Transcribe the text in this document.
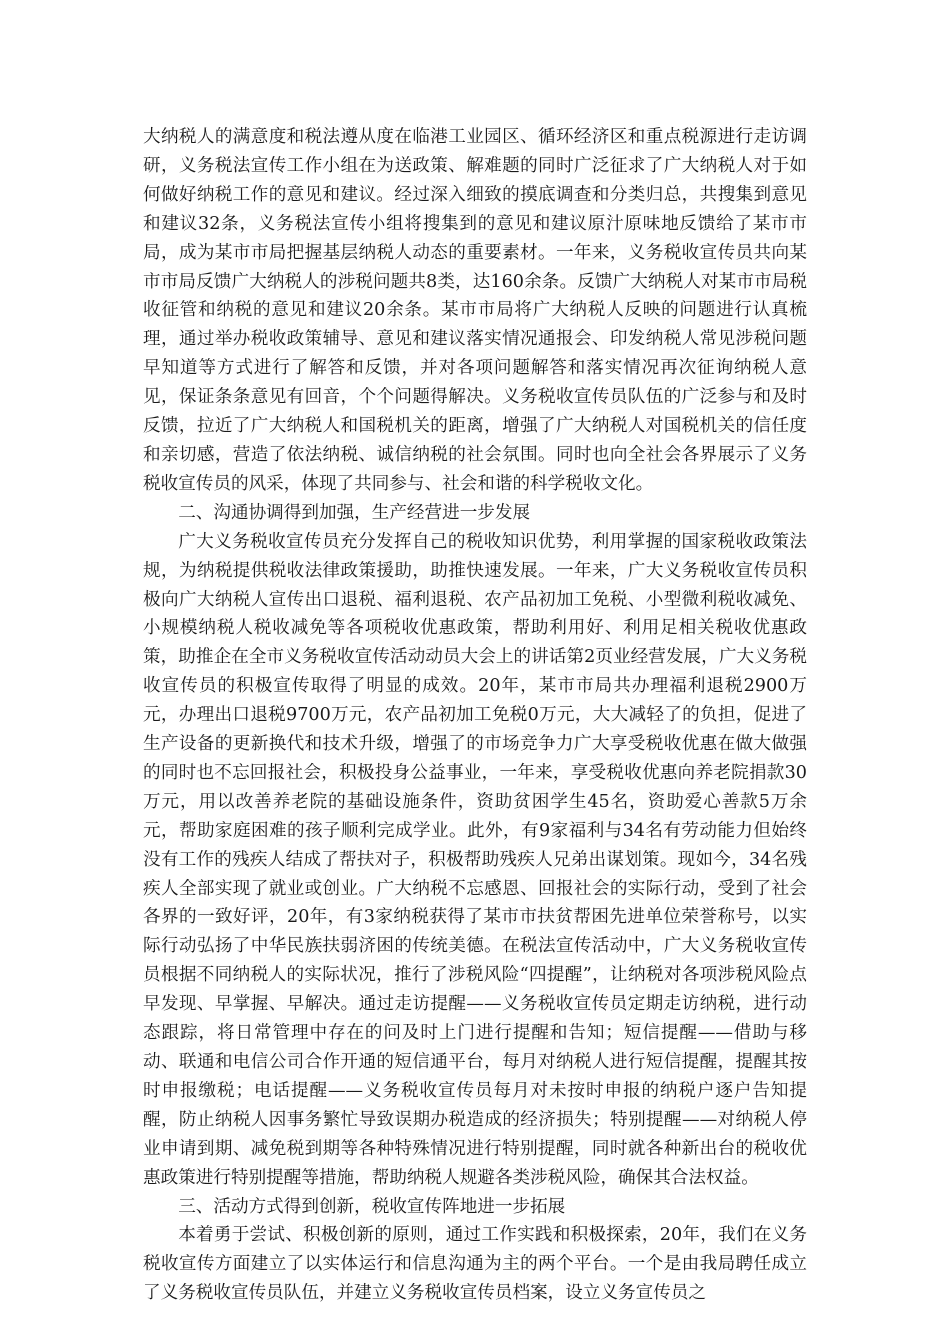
大纳税人的满意度和税法遵从度在临港工业园区、循环经济区和重点税源进行走访调研，义务税法宣传工作小组在为送政策、解难题的同时广泛征求了广大纳税人对于如何做好纳税工作的意见和建议。经过深入细致的摸底调查和分类归总，共搜集到意见和建议32条，义务税法宣传小组将搜集到的意见和建议原汁原味地反馈给了某市市局，成为某市市局把握基层纳税人动态的重要素材。一年来，义务税收宣传员共向某市市局反馈广大纳税人的涉税问题共8类，达160余条。反馈广大纳税人对某市市局税收征管和纳税的意见和建议20余条。某市市局将广大纳税人反映的问题进行认真梳理，通过举办税收政策辅导、意见和建议落实情况通报会、印发纳税人常见涉税问题早知道等方式进行了解答和反馈，并对各项问题解答和落实情况再次征询纳税人意见，保证条条意见有回音，个个问题得解决。义务税收宣传员队伍的广泛参与和及时反馈，拉近了广大纳税人和国税机关的距离，增强了广大纳税人对国税机关的信任度和亲切感，营造了依法纳税、诚信纳税的社会氛围。同时也向全社会各界展示了义务税收宣传员的风采，体现了共同参与、社会和谐的科学税收文化。

二、沟通协调得到加强，生产经营进一步发展

广大义务税收宣传员充分发挥自己的税收知识优势，利用掌握的国家税收政策法规，为纳税提供税收法律政策援助，助推快速发展。一年来，广大义务税收宣传员积极向广大纳税人宣传出口退税、福利退税、农产品初加工免税、小型微利税收减免、小规模纳税人税收减免等各项税收优惠政策，帮助利用好、利用足相关税收优惠政策，助推企在全市义务税收宣传活动动员大会上的讲话第2页业经营发展，广大义务税收宣传员的积极宣传取得了明显的成效。20年，某市市局共办理福利退税2900万元，办理出口退税9700万元，农产品初加工免税0万元，大大减轻了的负担，促进了生产设备的更新换代和技术升级，增强了的市场竞争力广大享受税收优惠在做大做强的同时也不忘回报社会，积极投身公益事业，一年来，享受税收优惠向养老院捐款30万元，用以改善养老院的基础设施条件，资助贫困学生45名，资助爱心善款5万余元，帮助家庭困难的孩子顺利完成学业。此外，有9家福利与34名有劳动能力但始终没有工作的残疾人结成了帮扶对子，积极帮助残疾人兄弟出谋划策。现如今，34名残疾人全部实现了就业或创业。广大纳税不忘感恩、回报社会的实际行动，受到了社会各界的一致好评，20年，有3家纳税获得了某市市扶贫帮困先进单位荣誉称号，以实际行动弘扬了中华民族扶弱济困的传统美德。在税法宣传活动中，广大义务税收宣传员根据不同纳税人的实际状况，推行了涉税风险“四提醒”，让纳税对各项涉税风险点早发现、早掌握、早解决。通过走访提醒——义务税收宣传员定期走访纳税，进行动态跟踪，将日常管理中存在的问及时上门进行提醒和告知；短信提醒——借助与移动、联通和电信公司合作开通的短信通平台，每月对纳税人进行短信提醒，提醒其按时申报缴税；电话提醒——义务税收宣传员每月对未按时申报的纳税户逐户告知提醒，防止纳税人因事务繁忙导致误期办税造成的经济损失；特别提醒——对纳税人停业申请到期、减免税到期等各种特殊情况进行特别提醒，同时就各种新出台的税收优惠政策进行特别提醒等措施，帮助纳税人规避各类涉税风险，确保其合法权益。

三、活动方式得到创新，税收宣传阵地进一步拓展

本着勇于尝试、积极创新的原则，通过工作实践和积极探索，20年，我们在义务税收宣传方面建立了以实体运行和信息沟通为主的两个平台。一个是由我局聘任成立了义务税收宣传员队伍，并建立义务税收宣传员档案，设立义务宣传员之
